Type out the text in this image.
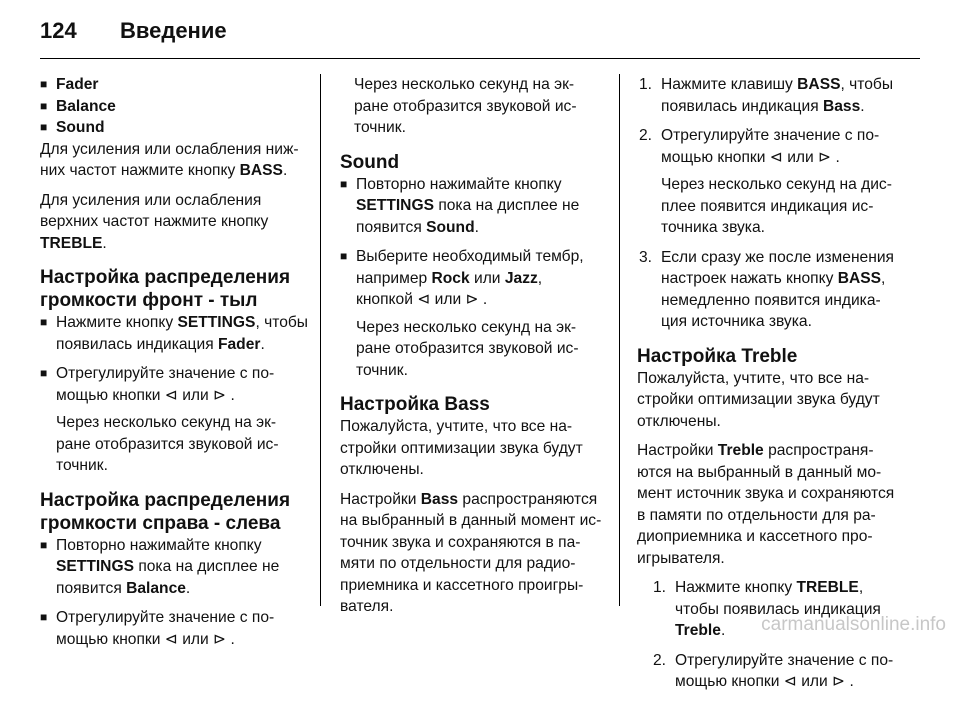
124 Введение
■ Fader
■ Balance
■ Sound

Для усиления или ослабления ниж- них частот нажмите кнопку BASS.

Для усиления или ослабления верхних частот нажмите кнопку TREBLE.

Настройка распределения громкости фронт - тыл
■ Нажмите кнопку SETTINGS, чтобы появилась индикация Fader.
■ Отрегулируйте значение с по- мощью кнопки ⊲ или ⊳ .
Через несколько секунд на эк- ране отобразится звуковой ис- точник.
Настройка распределения громкости справа - слева
■ Повторно нажимайте кнопку SETTINGS пока на дисплее не появится Balance.
■ Отрегулируйте значение с по- мощью кнопки ⊲ или ⊳ .

Через несколько секунд на эк- ране отобразится звуковой ис- точник.

Sound
■ Повторно нажимайте кнопку SETTINGS пока на дисплее не появится Sound.
■ Выберите необходимый тембр, например Rock или Jazz, кнопкой ⊲ или ⊳ .
Через несколько секунд на эк- ране отобразится звуковой ис- точник.
Настройка Bass

Пожалуйста, учтите, что все на- стройки оптимизации звука будут отключены.

Настройки Bass распространяются на выбранный в данный момент ис- точник звука и сохраняются в па- мяти по отдельности для радио- приемника и кассетного проигры- вателя.

1. Нажмите клавишу BASS, чтобы появилась индикация Bass.
2. Отрегулируйте значение с по- мощью кнопки ⊲ или ⊳ .
Через несколько секунд на дис- плее появится индикация ис- точника звука.
3. Если сразу же после изменения настроек нажать кнопку BASS, немедленно появится индика- ция источника звука.
Настройка Treble

Пожалуйста, учтите, что все на- стройки оптимизации звука будут отключены.

Настройки Treble распространя- ются на выбранный в данный мо- мент источник звука и сохраняются в памяти по отдельности для ра- диоприемника и кассетного про- игрывателя.

1. Нажмите кнопку TREBLE, чтобы появилась индикация Treble.
2. Отрегулируйте значение с по- мощью кнопки ⊲ или ⊳ .
carmanualsonline.info
